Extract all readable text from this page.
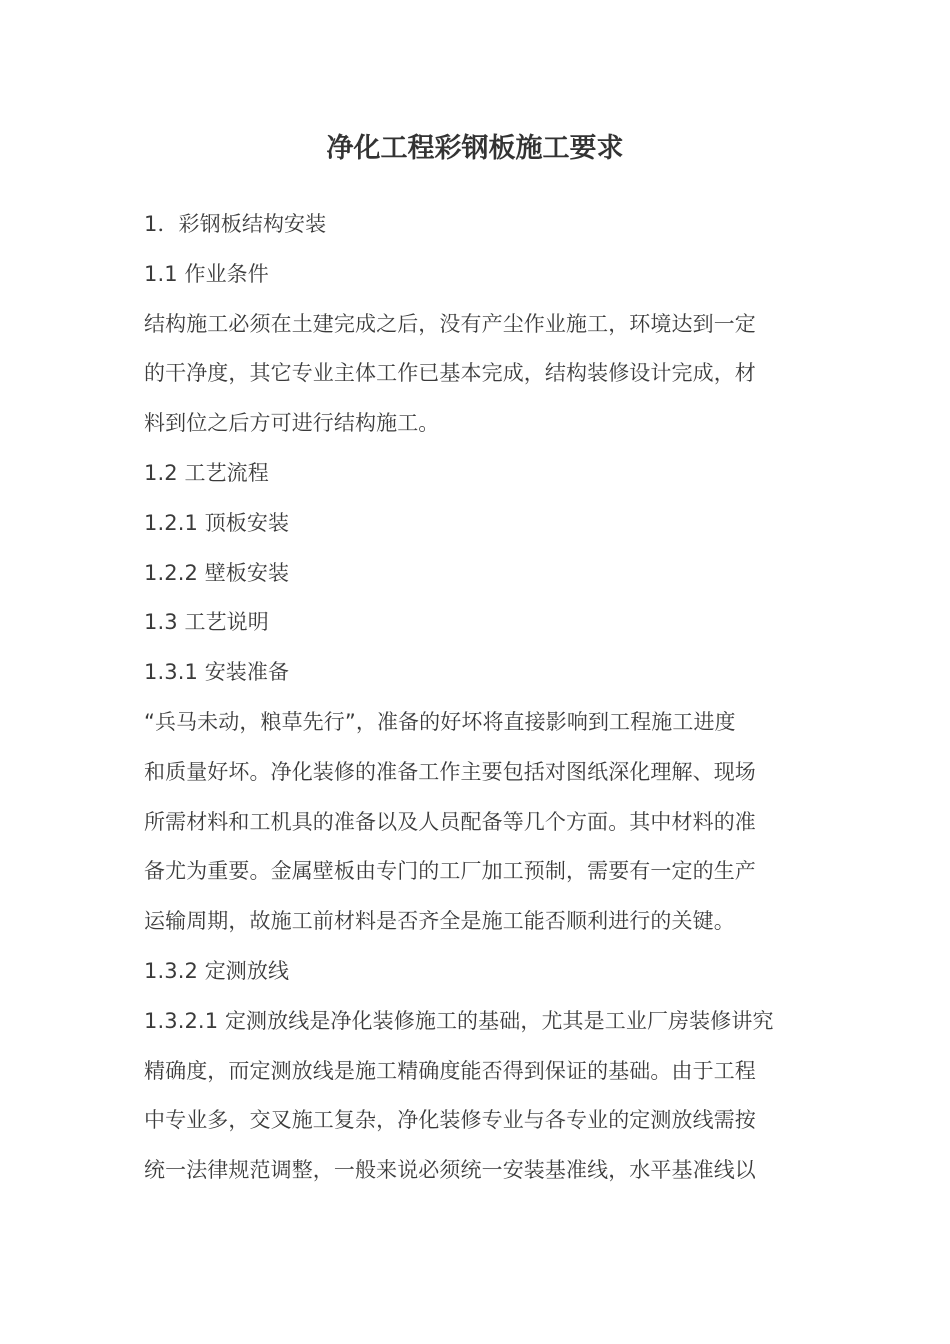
净化工程彩钢板施工要求
1．彩钢板结构安装
1.1 作业条件
结构施工必须在土建完成之后，没有产尘作业施工，环境达到一定
的干净度，其它专业主体工作已基本完成，结构装修设计完成，材
料到位之后方可进行结构施工。
1.2 工艺流程
1.2.1 顶板安装
1.2.2 壁板安装
1.3 工艺说明
1.3.1 安装准备
“兵马未动，粮草先行”，准备的好坏将直接影响到工程施工进度
和质量好坏。净化装修的准备工作主要包括对图纸深化理解、现场
所需材料和工机具的准备以及人员配备等几个方面。其中材料的准
备尤为重要。金属壁板由专门的工厂加工预制，需要有一定的生产
运输周期，故施工前材料是否齐全是施工能否顺利进行的关键。
1.3.2 定测放线
1.3.2.1 定测放线是净化装修施工的基础，尤其是工业厂房装修讲究
精确度，而定测放线是施工精确度能否得到保证的基础。由于工程
中专业多，交叉施工复杂，净化装修专业与各专业的定测放线需按
统一法律规范调整，一般来说必须统一安装基准线，水平基准线以
